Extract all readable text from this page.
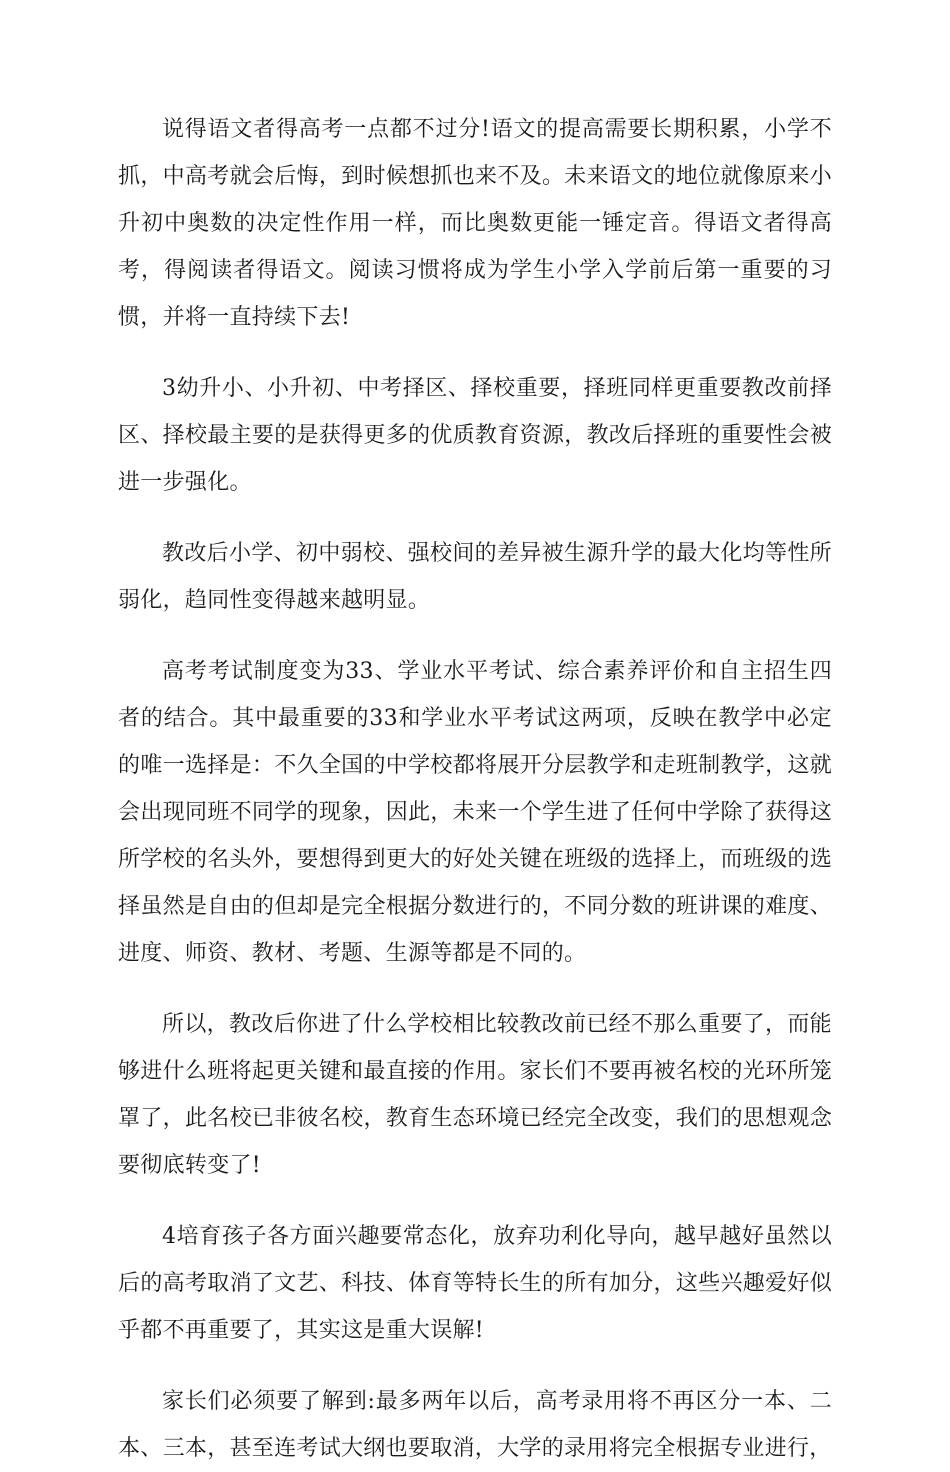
说得语文者得高考一点都不过分!语文的提高需要长期积累，小学不抓，中高考就会后悔，到时候想抓也来不及。未来语文的地位就像原来小升初中奥数的决定性作用一样，而比奥数更能一锤定音。得语文者得高考，得阅读者得语文。阅读习惯将成为学生小学入学前后第一重要的习惯，并将一直持续下去!

3幼升小、小升初、中考择区、择校重要，择班同样更重要教改前择区、择校最主要的是获得更多的优质教育资源，教改后择班的重要性会被进一步强化。

教改后小学、初中弱校、强校间的差异被生源升学的最大化均等性所弱化，趋同性变得越来越明显。

高考考试制度变为33、学业水平考试、综合素养评价和自主招生四者的结合。其中最重要的33和学业水平考试这两项，反映在教学中必定的唯一选择是：不久全国的中学校都将展开分层教学和走班制教学，这就会出现同班不同学的现象，因此，未来一个学生进了任何中学除了获得这所学校的名头外，要想得到更大的好处关键在班级的选择上，而班级的选择虽然是自由的但却是完全根据分数进行的，不同分数的班讲课的难度、进度、师资、教材、考题、生源等都是不同的。

所以，教改后你进了什么学校相比较教改前已经不那么重要了，而能够进什么班将起更关键和最直接的作用。家长们不要再被名校的光环所笼罩了，此名校已非彼名校，教育生态环境已经完全改变，我们的思想观念要彻底转变了!

4培育孩子各方面兴趣要常态化，放弃功利化导向，越早越好虽然以后的高考取消了文艺、科技、体育等特长生的所有加分，这些兴趣爱好似乎都不再重要了，其实这是重大误解!

家长们必须要了解到:最多两年以后，高考录用将不再区分一本、二本、三本，甚至连考试大纲也要取消，大学的录用将完全根据专业进行，
